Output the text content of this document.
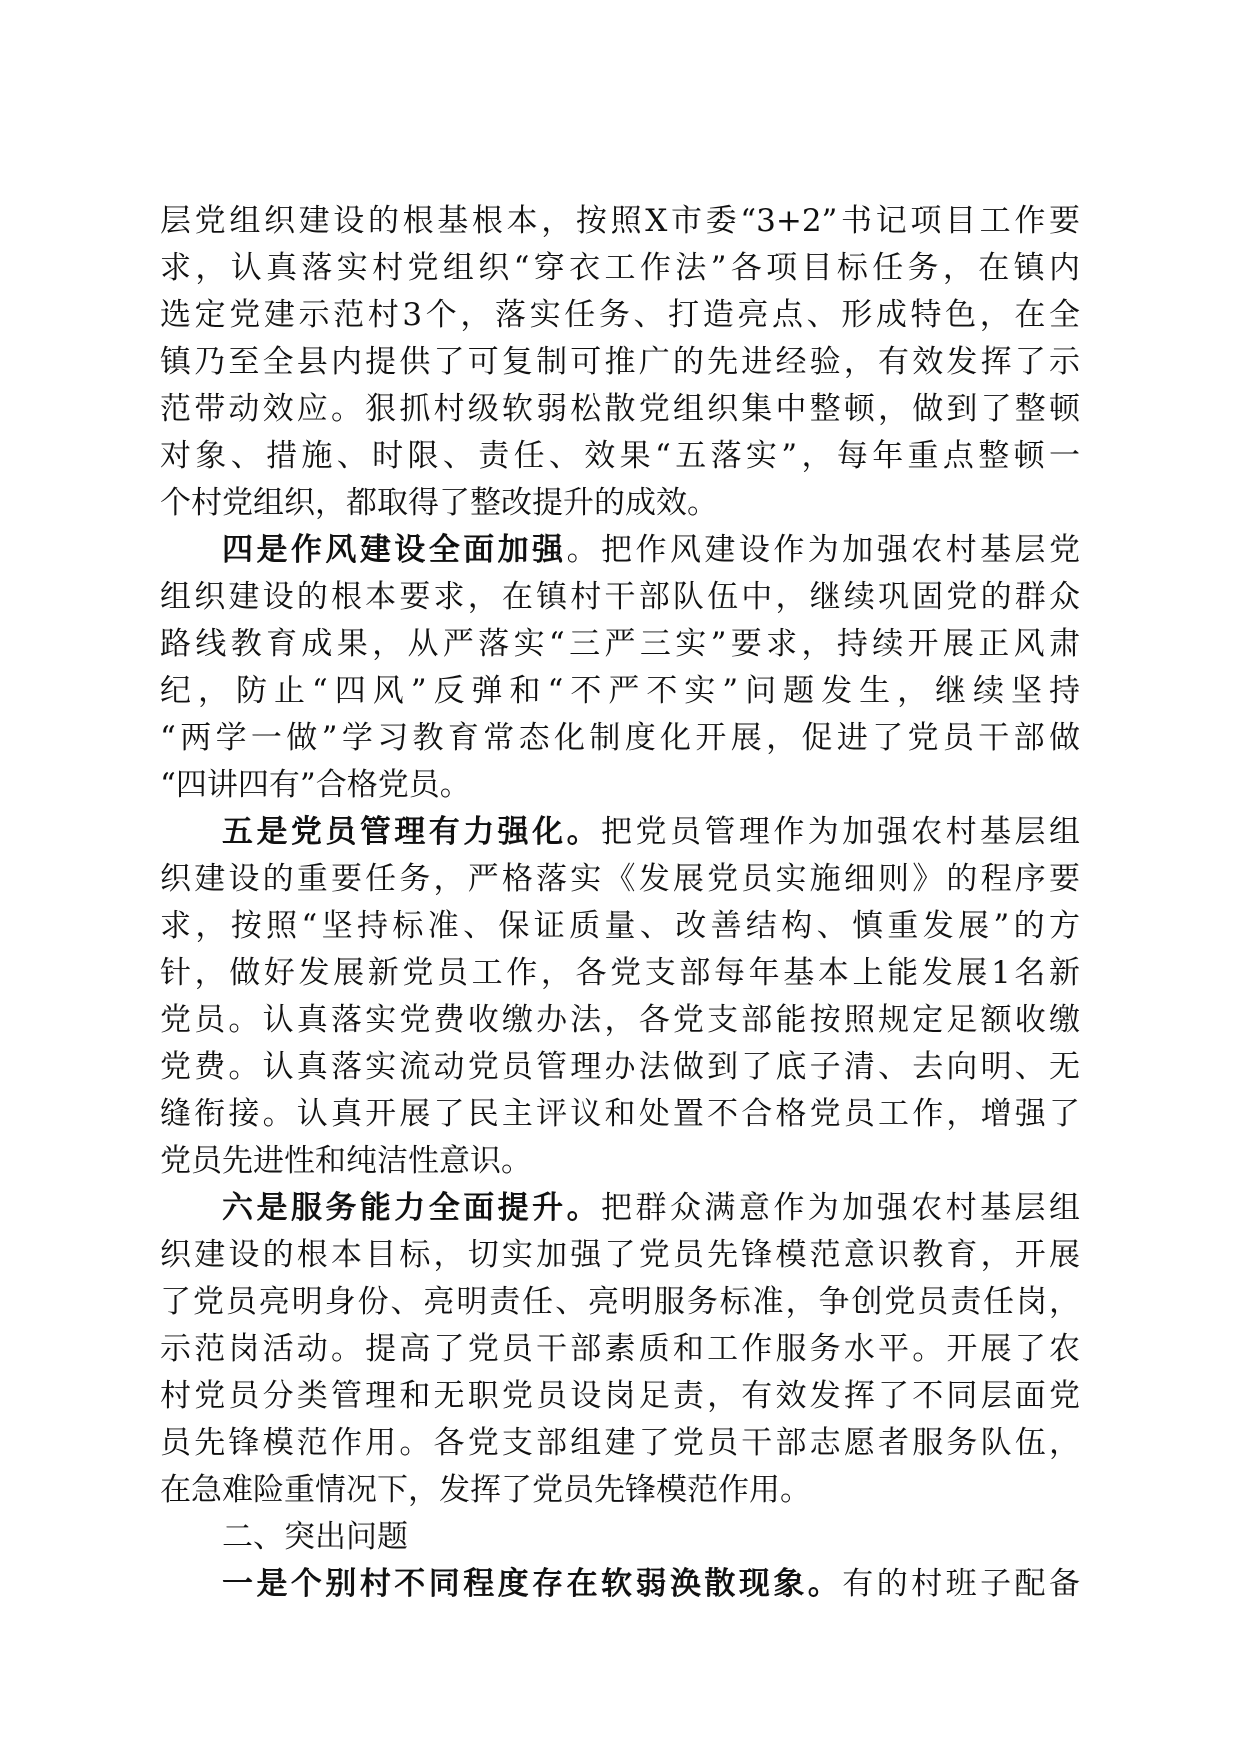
层党组织建设的根基根本，按照X市委“3+2”书记项目工作要
求，认真落实村党组织“穿衣工作法”各项目标任务，在镇内
选定党建示范村3个，落实任务、打造亮点、形成特色，在全
镇乃至全县内提供了可复制可推广的先进经验，有效发挥了示
范带动效应。狠抓村级软弱松散党组织集中整顿，做到了整顿
对象、措施、时限、责任、效果“五落实”，每年重点整顿一
个村党组织，都取得了整改提升的成效。
四是作风建设全面加强。把作风建设作为加强农村基层党
组织建设的根本要求，在镇村干部队伍中，继续巩固党的群众
路线教育成果，从严落实“三严三实”要求，持续开展正风肃
纪，防止“四风”反弹和“不严不实”问题发生，继续坚持
“两学一做”学习教育常态化制度化开展，促进了党员干部做
“四讲四有”合格党员。
五是党员管理有力强化。把党员管理作为加强农村基层组
织建设的重要任务，严格落实《发展党员实施细则》的程序要
求，按照“坚持标准、保证质量、改善结构、慎重发展”的方
针，做好发展新党员工作，各党支部每年基本上能发展1名新
党员。认真落实党费收缴办法，各党支部能按照规定足额收缴
党费。认真落实流动党员管理办法做到了底子清、去向明、无
缝衔接。认真开展了民主评议和处置不合格党员工作，增强了
党员先进性和纯洁性意识。
六是服务能力全面提升。把群众满意作为加强农村基层组
织建设的根本目标，切实加强了党员先锋模范意识教育，开展
了党员亮明身份、亮明责任、亮明服务标准，争创党员责任岗，
示范岗活动。提高了党员干部素质和工作服务水平。开展了农
村党员分类管理和无职党员设岗足责，有效发挥了不同层面党
员先锋模范作用。各党支部组建了党员干部志愿者服务队伍，
在急难险重情况下，发挥了党员先锋模范作用。
二、突出问题
一是个别村不同程度存在软弱涣散现象。有的村班子配备
